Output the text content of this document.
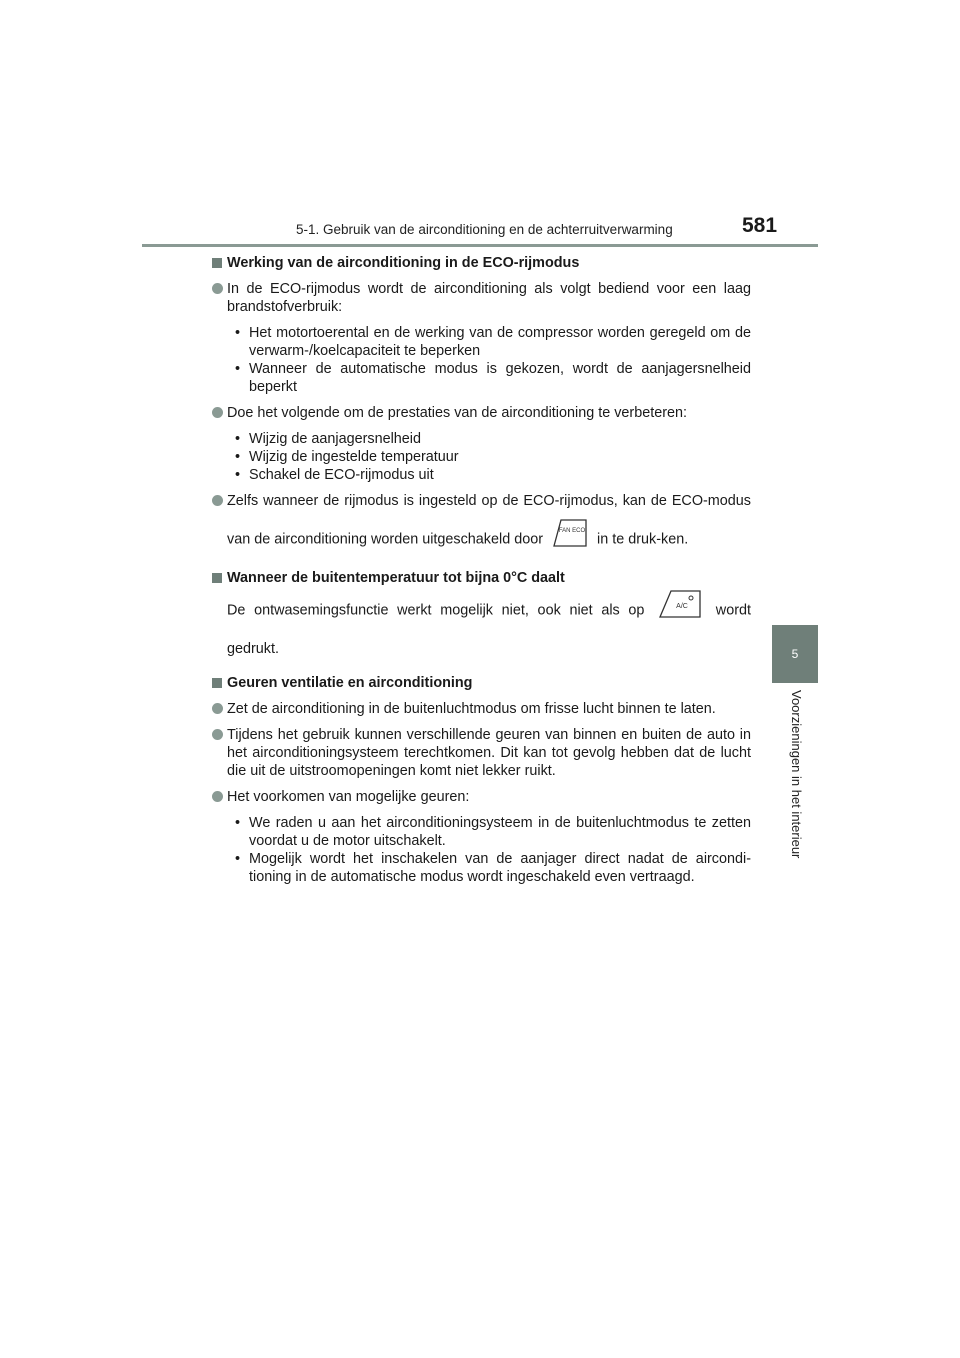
5-1. Gebruik van de airconditioning en de achterruitverwarming	581
5
Voorzieningen in het interieur
Werking van de airconditioning in de ECO-rijmodus
In de ECO-rijmodus wordt de airconditioning als volgt bediend voor een laag brandstofverbruik:
• Het motortoerental en de werking van de compressor worden geregeld om de verwarm-/koelcapaciteit te beperken
• Wanneer de automatische modus is gekozen, wordt de aanjagersnelheid beperkt
Doe het volgende om de prestaties van de airconditioning te verbeteren:
• Wijzig de aanjagersnelheid
• Wijzig de ingestelde temperatuur
• Schakel de ECO-rijmodus uit
Zelfs wanneer de rijmodus is ingesteld op de ECO-rijmodus, kan de ECO-modus van de airconditioning worden uitgeschakeld door
FAN ECO
in te druk-ken.
Wanneer de buitentemperatuur tot bijna 0°C daalt
De ontwasemingsfunctie werkt mogelijk niet, ook niet als op	A/C wordt gedrukt.
Geuren ventilatie en airconditioning
Zet de airconditioning in de buitenluchtmodus om frisse lucht binnen te laten.
Tijdens het gebruik kunnen verschillende geuren van binnen en buiten de auto in het airconditioningsysteem terechtkomen. Dit kan tot gevolg hebben dat de lucht die uit de uitstroomopeningen komt niet lekker ruikt.
Het voorkomen van mogelijke geuren:
• We raden u aan het airconditioningsysteem in de buitenluchtmodus te zetten voordat u de motor uitschakelt.
• Mogelijk wordt het inschakelen van de aanjager direct nadat de aircondi-tioning in de automatische modus wordt ingeschakeld even vertraagd.
